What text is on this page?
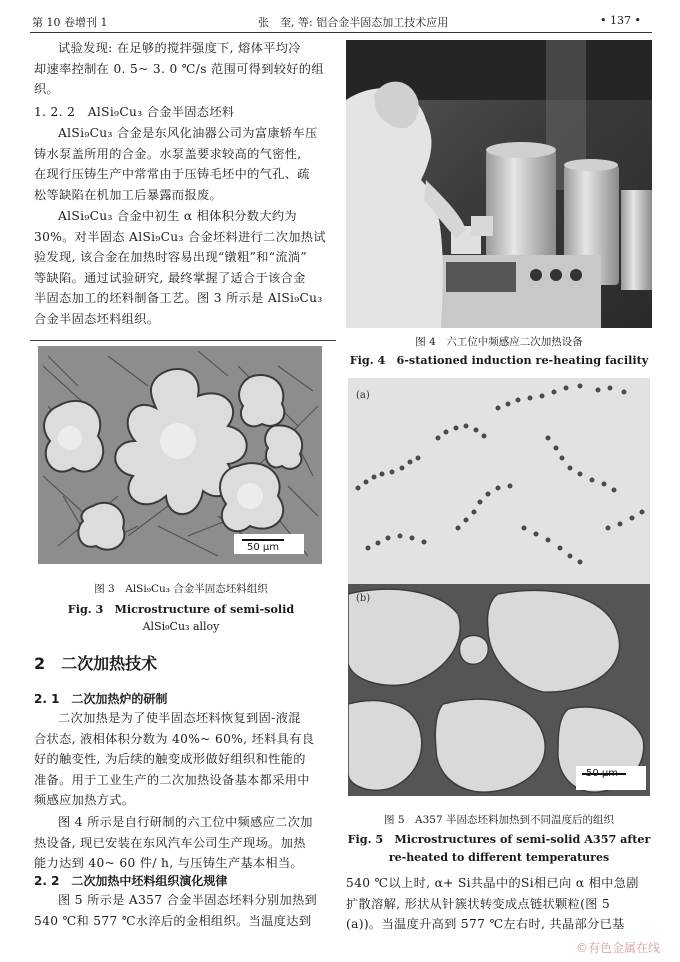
第 10 卷增刊 1	张　奎, 等: 铝合金半固态加工技术应用	• 137 •
试验发现: 在足够的搅拌强度下, 熔体平均冷
却速率控制在 0. 5~ 3. 0 ℃/s 范围可得到较好的组
织。
1. 2. 2　AlSi₉Cu₃ 合金半固态坯料
AlSi₉Cu₃ 合金是东风化油器公司为富康轿车压
铸水泵盖所用的合金。水泵盖要求较高的气密性,
在现行压铸生产中常常由于压铸毛坯中的气孔、疏
松等缺陷在机加工后暴露而报废。
AlSi₉Cu₃ 合金中初生 α 相体积分数大约为
30%。对半固态 AlSi₉Cu₃ 合金坯料进行二次加热试
验发现, 该合金在加热时容易出现“镦粗”和“流淌”
等缺陷。通过试验研究, 最终掌握了适合于该合金
半固态加工的坯料制备工艺。图 3 所示是 AlSi₉Cu₃
合金半固态坯料组织。
50 μm
图 3　AlSi₉Cu₃ 合金半固态坯料组织
Fig. 3　Microstructure of semi-solid
AlSi₉Cu₃ alloy
2　二次加热技术
2. 1　二次加热炉的研制
二次加热是为了使半固态坯料恢复到固-液混
合状态, 液相体积分数为 40%~ 60%, 坯料具有良
好的触变性, 为后续的触变成形做好组织和性能的
准备。用于工业生产的二次加热设备基本都采用中
频感应加热方式。
图 4 所示是自行研制的六工位中频感应二次加
热设备, 现已安装在东风汽车公司生产现场。加热
能力达到 40~ 60 件/ h, 与压铸生产基本相当。
2. 2　二次加热中坯料组织演化规律
图 5 所示是 A357 合金半固态坯料分别加热到
540 ℃和 577 ℃水淬后的金相组织。当温度达到
图 4　六工位中频感应二次加热设备
Fig. 4　6-stationed induction re-heating facility
(a)
(b)
50 μm
图 5　A357 半固态坯料加热到不同温度后的组织
Fig. 5　Microstructures of semi-solid A357 after
re-heated to different temperatures
540 ℃以上时, α+ Si共晶中的Si相已向 α 相中急剧
扩散溶解, 形状从针簇状转变成点链状颗粒(图 5
(a))。当温度升高到 577 ℃左右时, 共晶部分已基
©有色金属在线
